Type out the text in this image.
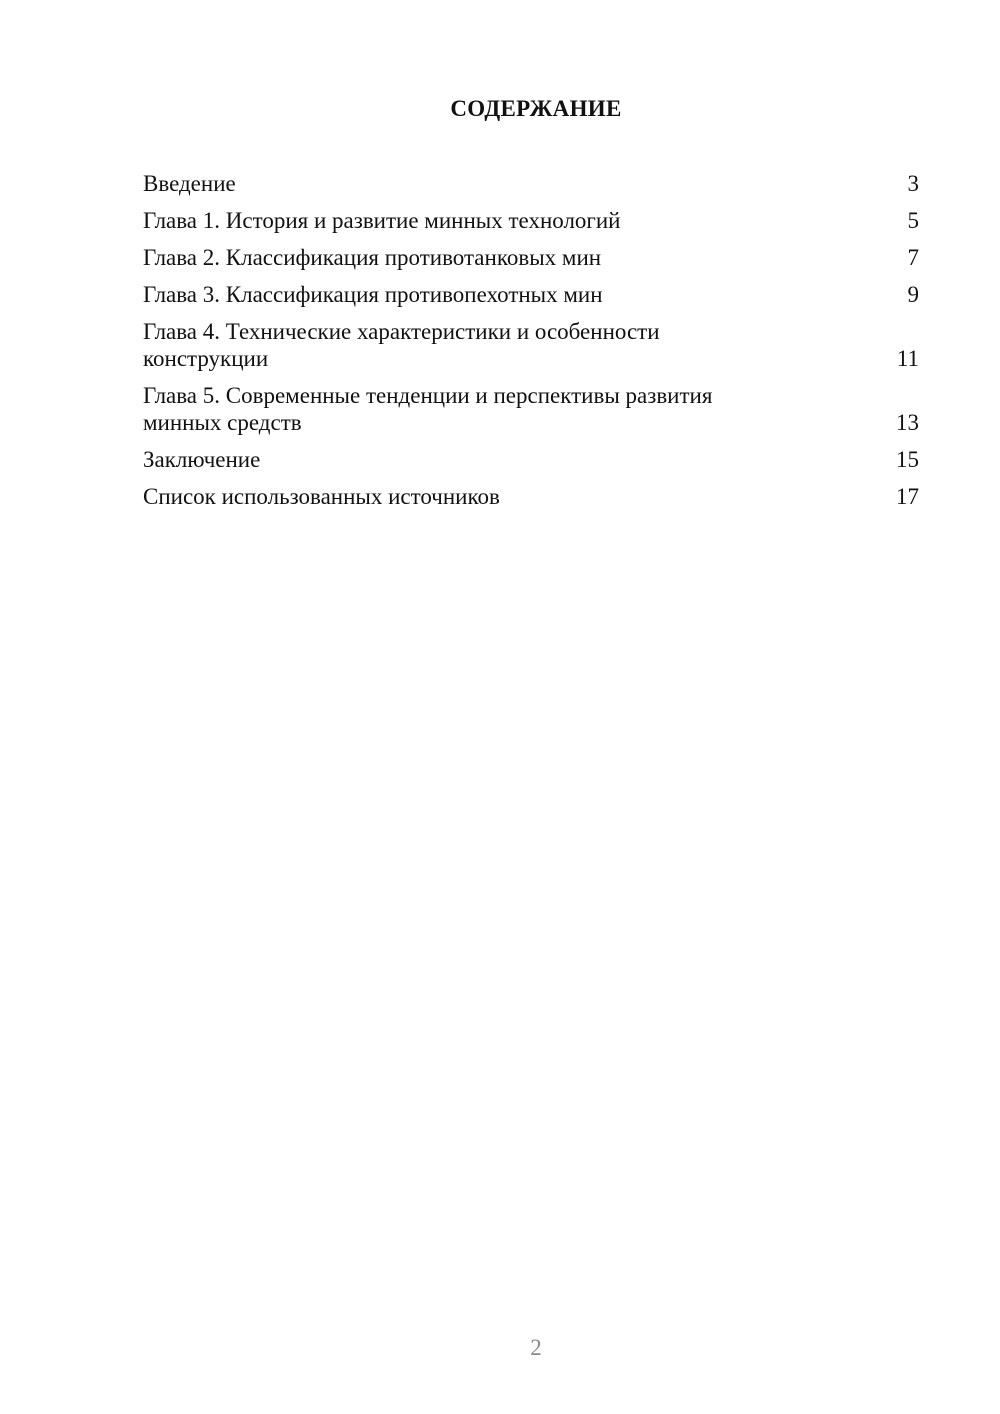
СОДЕРЖАНИЕ
Введение	3
Глава 1. История и развитие минных технологий	5
Глава 2. Классификация противотанковых мин	7
Глава 3. Классификация противопехотных мин	9
Глава 4. Технические характеристики и особенности
конструкции	11
Глава 5. Современные тенденции и перспективы развития
минных средств	13
Заключение	15
Список использованных источников	17
2
